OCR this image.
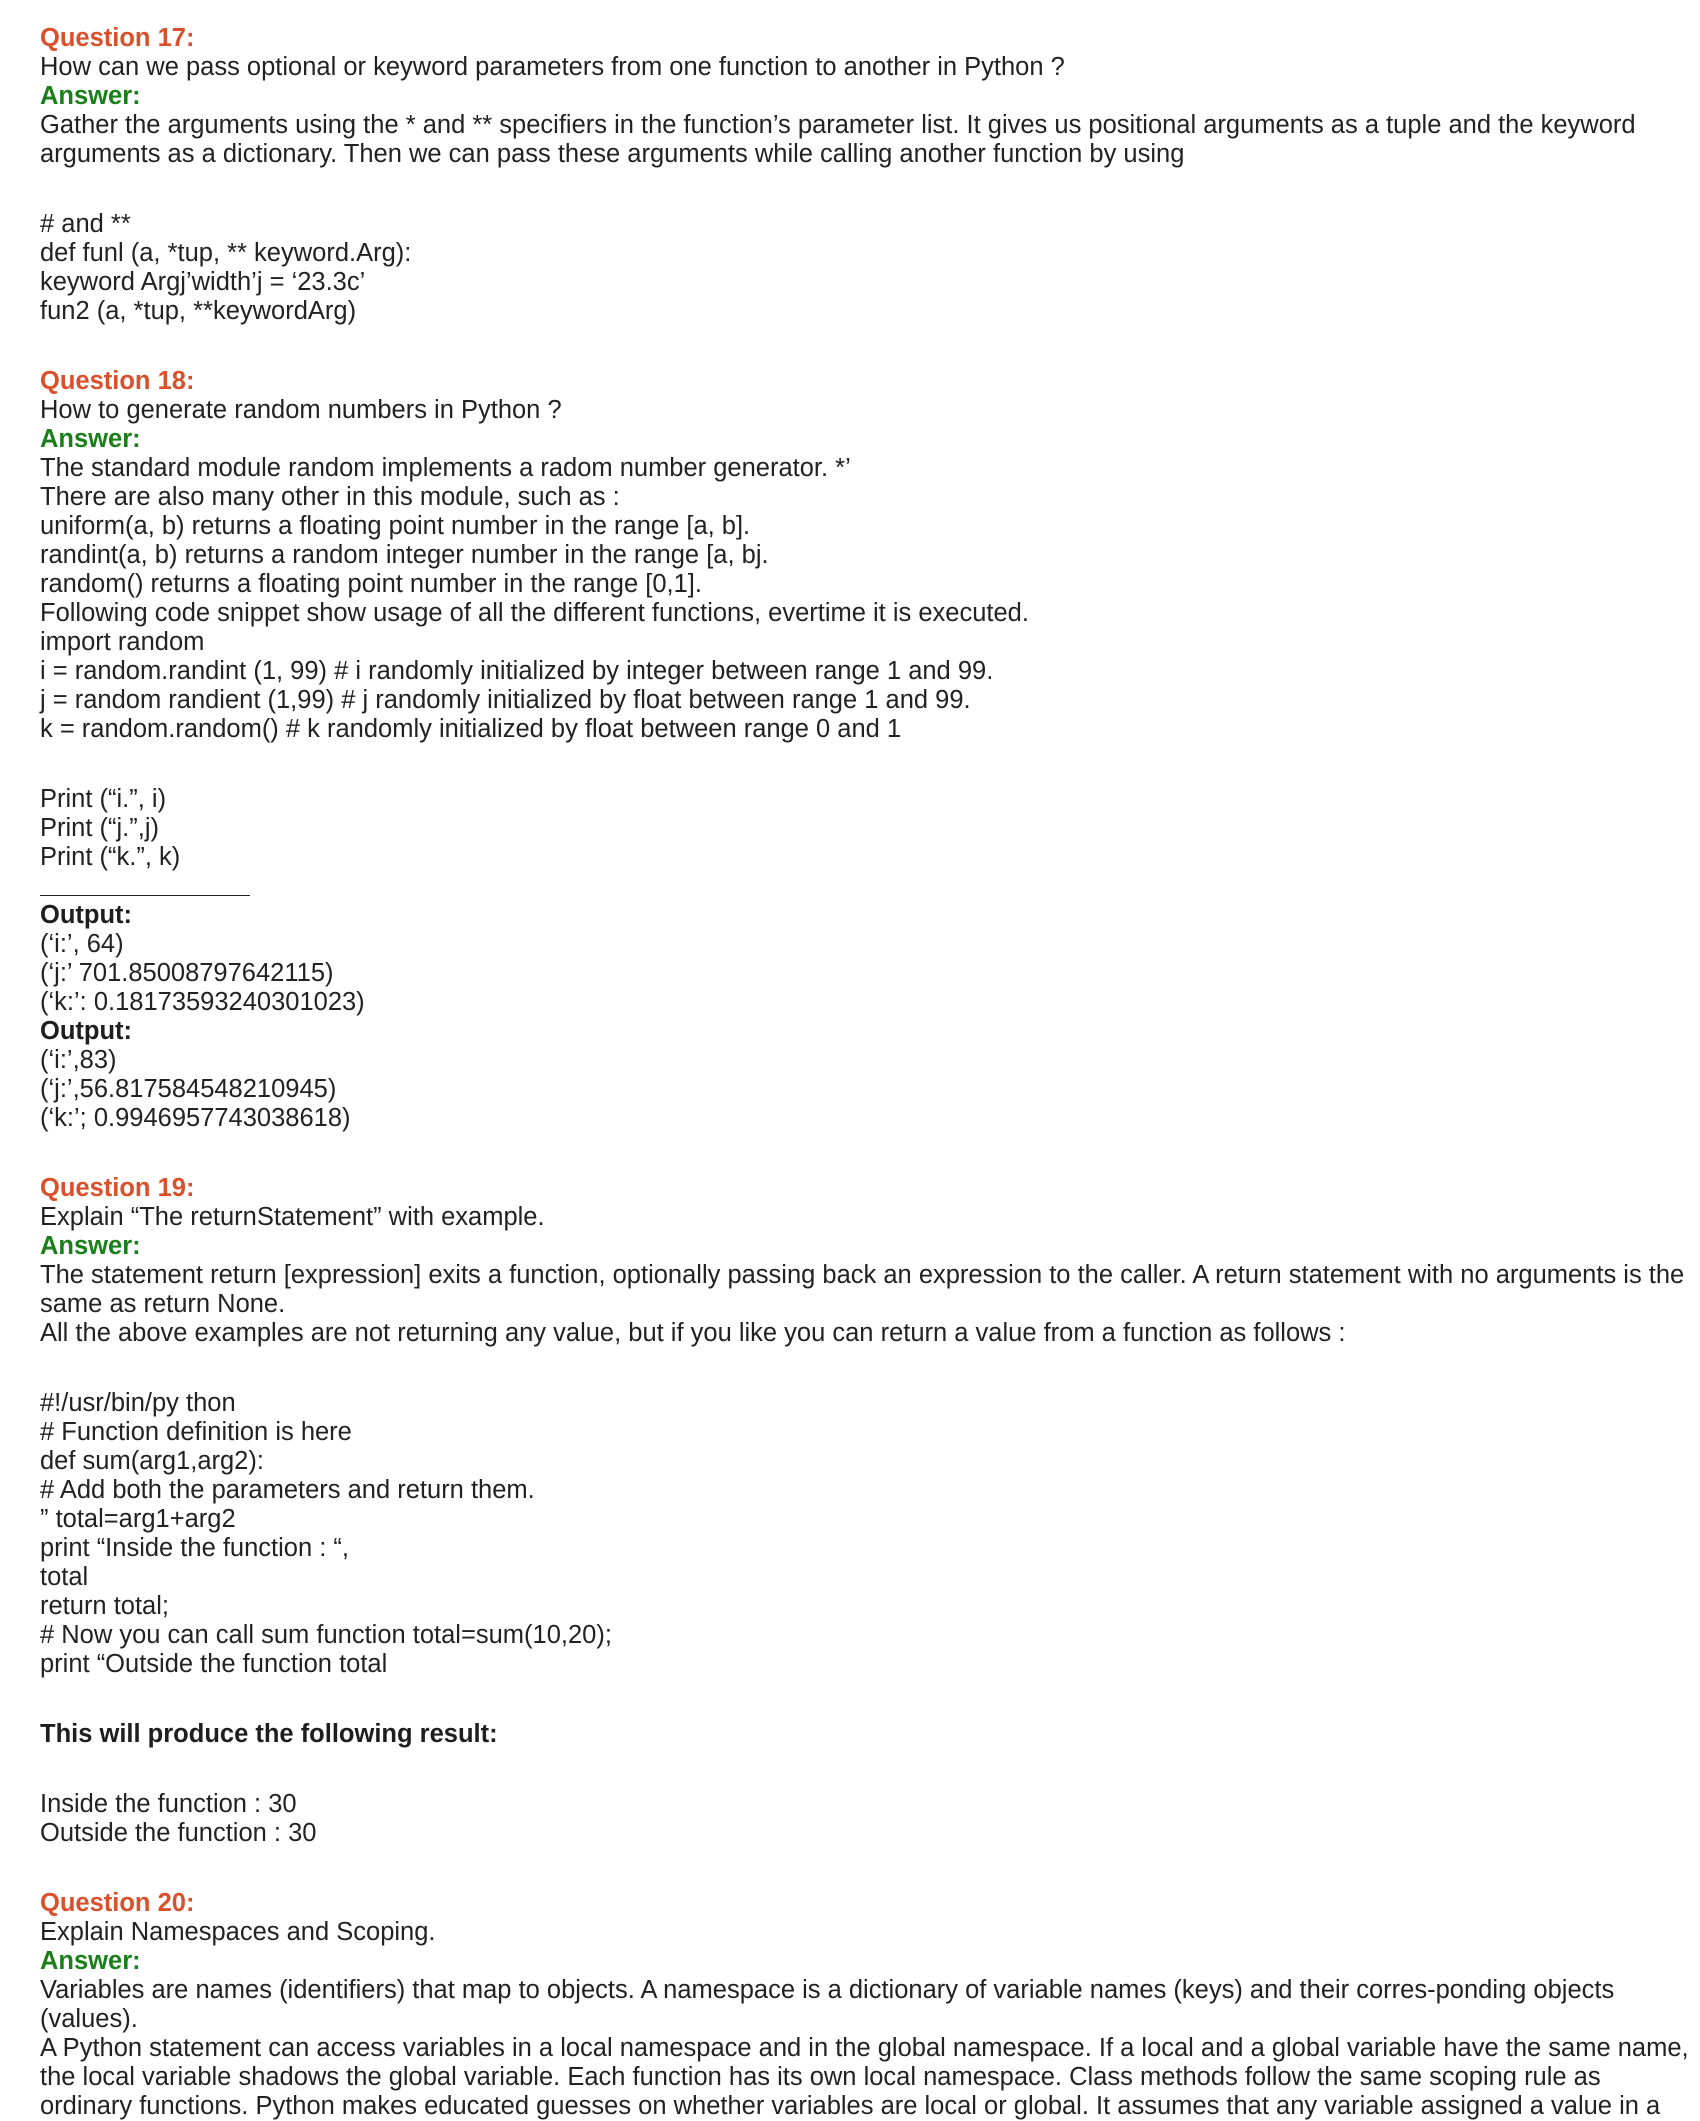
Question 17:
How can we pass optional or keyword parameters from one function to another in Python ?
Answer:
Gather the arguments using the * and ** specifiers in the function’s parameter list. It gives us positional arguments as a tuple and the keyword
arguments as a dictionary. Then we can pass these arguments while calling another function by using
# and **
def funl (a, *tup, ** keyword.Arg):
keyword Argj’width’j = ‘23.3c’
fun2 (a, *tup, **keywordArg)
Question 18:
How to generate random numbers in Python ?
Answer:
The standard module random implements a radom number generator. *’
There are also many other in this module, such as :
uniform(a, b) returns a floating point number in the range [a, b].
randint(a, b) returns a random integer number in the range [a, bj.
random() returns a floating point number in the range [0,1].
Following code snippet show usage of all the different functions, evertime it is executed.
import random
i = random.randint (1, 99) # i randomly initialized by integer between range 1 and 99.
j = random randient (1,99) # j randomly initialized by float between range 1 and 99.
k = random.random() # k randomly initialized by float between range 0 and 1
Print (“i.”, i)
Print (“j.”,j)
Print (“k.”, k)
Output:
(‘i:’, 64)
(‘j:’ 701.85008797642115)
(‘k:’: 0.18173593240301023)
Output:
(‘i:’,83)
(‘j:’,56.817584548210945)
(‘k:’; 0.9946957743038618)
Question 19:
Explain “The returnStatement” with example.
Answer:
The statement return [expression] exits a function, optionally passing back an expression to the caller. A return statement with no arguments is the
same as return None.
All the above examples are not returning any value, but if you like you can return a value from a function as follows :
#!/usr/bin/py thon
# Function definition is here
def sum(arg1,arg2):
# Add both the parameters and return them.
” total=arg1+arg2
print “Inside the function : “,
total
return total;
# Now you can call sum function total=sum(10,20);
print “Outside the function total
This will produce the following result:
Inside the function : 30
Outside the function : 30
Question 20:
Explain Namespaces and Scoping.
Answer:
Variables are names (identifiers) that map to objects. A namespace is a dictionary of variable names (keys) and their corres-ponding objects
(values).
A Python statement can access variables in a local namespace and in the global namespace. If a local and a global variable have the same name,
the local variable shadows the global variable. Each function has its own local namespace. Class methods follow the same scoping rule as
ordinary functions. Python makes educated guesses on whether variables are local or global. It assumes that any variable assigned a value in a
